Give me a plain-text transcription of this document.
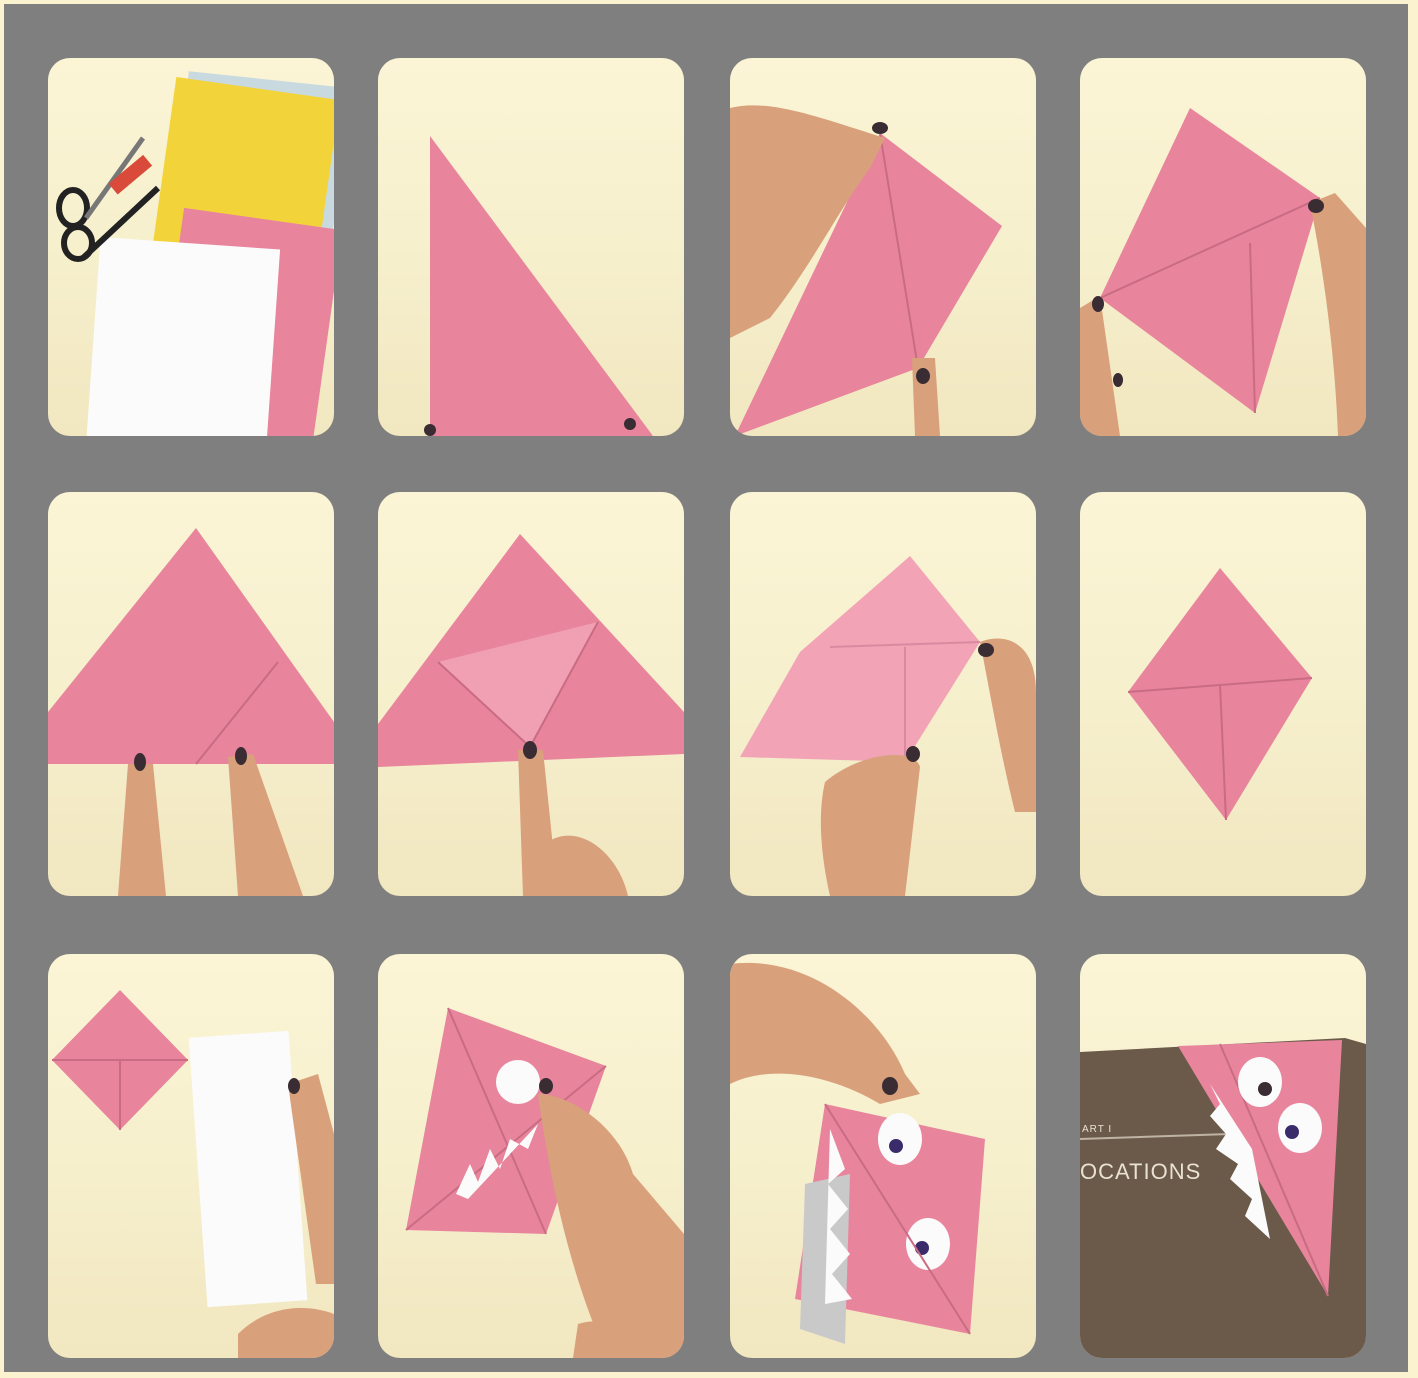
ART I
OCATIONS
